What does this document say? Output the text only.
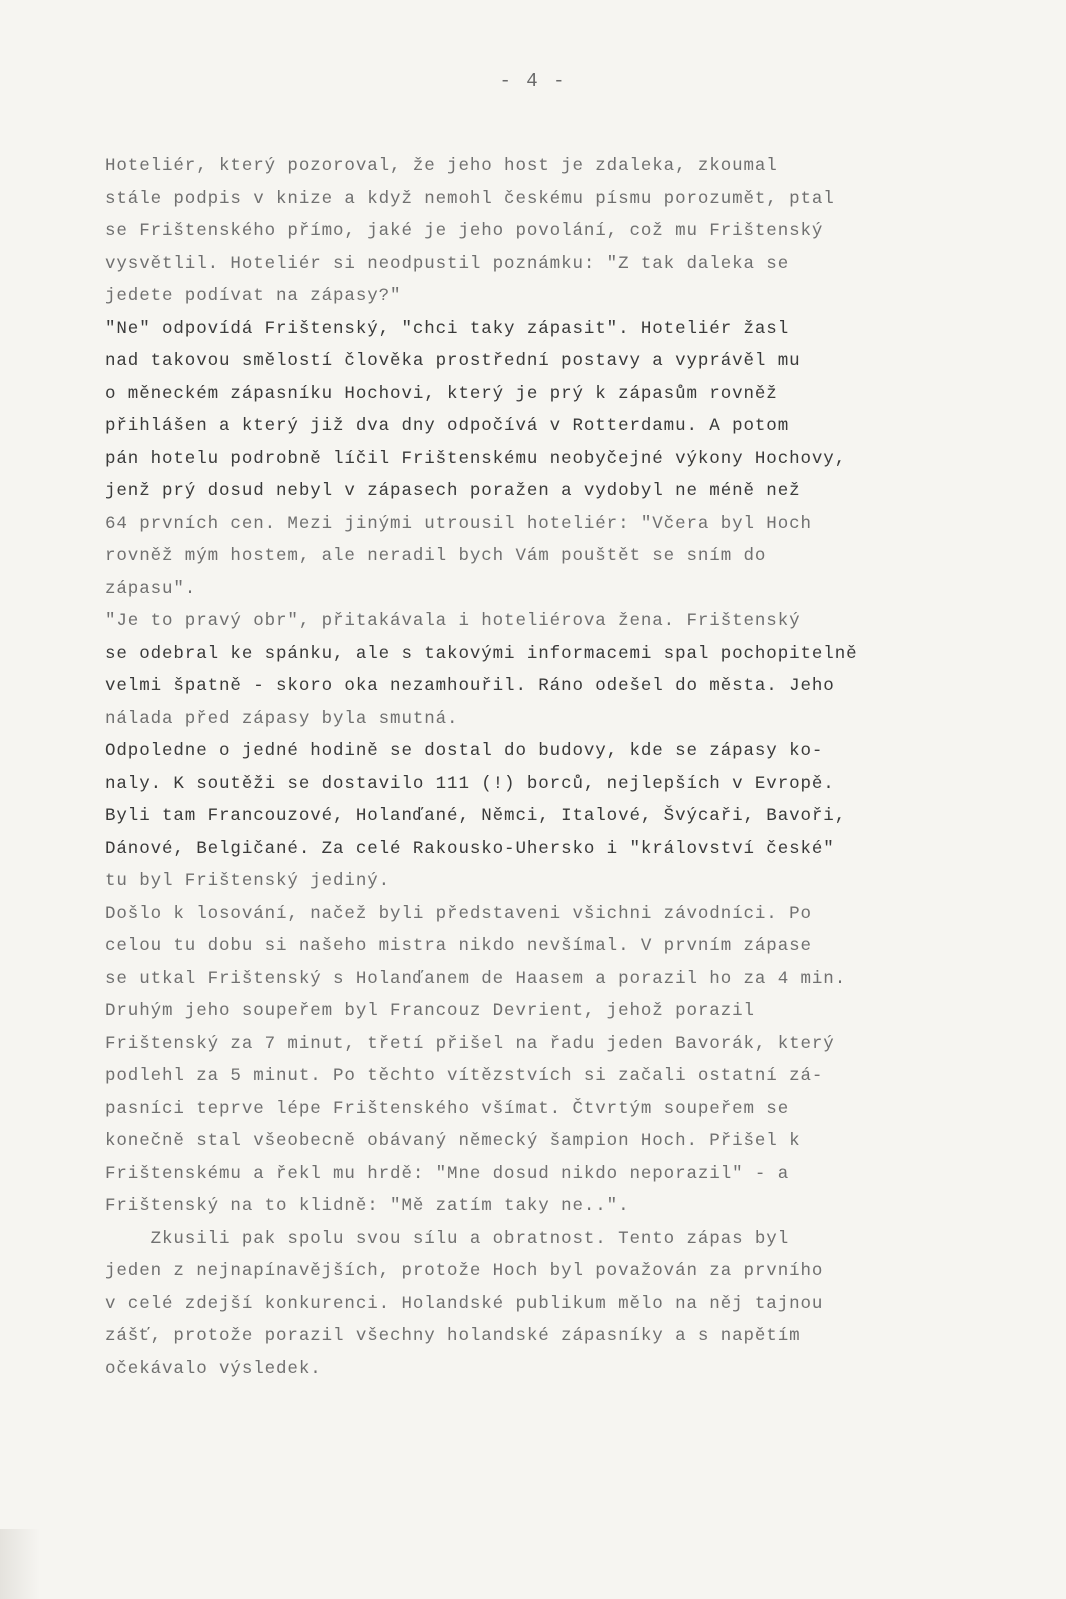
- 4 -
Hoteliér, který pozoroval, že jeho host je zdaleka, zkoumal
stále podpis v knize a když nemohl českému písmu porozumět, ptal
se Frištenského přímo, jaké je jeho povolání, což mu Frištenský
vysvětlil. Hoteliér si neodpustil poznámku: "Z tak daleka se
jedete podívat na zápasy?"
"Ne" odpovídá Frištenský, "chci taky zápasit". Hoteliér žasl
nad takovou smělostí člověka prostřední postavy a vyprávěl mu
o měneckém zápasníku Hochovi, který je prý k zápasům rovněž
přihlášen a který již dva dny odpočívá v Rotterdamu. A potom
pán hotelu podrobně líčil Frištenskému neobyčejné výkony Hochovy,
jenž prý dosud nebyl v zápasech poražen a vydobyl ne méně než
64 prvních cen. Mezi jinými utrousil hoteliér: "Včera byl Hoch
rovněž mým hostem, ale neradil bych Vám pouštět se sním do
zápasu".
"Je to pravý obr", přitakávala i hoteliérova žena. Frištenský
se odebral ke spánku, ale s takovými informacemi spal pochopitelně
velmi špatně - skoro oka nezamhouřil. Ráno odešel do města. Jeho
nálada před zápasy byla smutná.
Odpoledne o jedné hodině se dostal do budovy, kde se zápasy ko-
naly. K soutěži se dostavilo 111 (!) borců, nejlepších v Evropě.
Byli tam Francouzové, Holanďané, Němci, Italové, Švýcaři, Bavoři,
Dánové, Belgičané. Za celé Rakousko-Uhersko i "království české"
tu byl Frištenský jediný.
Došlo k losování, načež byli představeni všichni závodníci. Po
celou tu dobu si našeho mistra nikdo nevšímal. V prvním zápase
se utkal Frištenský s Holanďanem de Haasem a porazil ho za 4 min.
Druhým jeho soupeřem byl Francouz Devrient, jehož porazil
Frištenský za 7 minut, třetí přišel na řadu jeden Bavorák, který
podlehl za 5 minut. Po těchto vítězstvích si začali ostatní zá-
pasníci teprve lépe Frištenského všímat. Čtvrtým soupeřem se
konečně stal všeobecně obávaný německý šampion Hoch. Přišel k
Frištenskému a řekl mu hrdě: "Mne dosud nikdo neporazil" - a
Frištenský na to klidně: "Mě zatím taky ne..".
Zkusili pak spolu svou sílu a obratnost. Tento zápas byl
jeden z nejnapínavějších, protože Hoch byl považován za prvního
v celé zdejší konkurenci. Holandské publikum mělo na něj tajnou
zášť, protože porazil všechny holandské zápasníky a s napětím
očekávalo výsledek.
